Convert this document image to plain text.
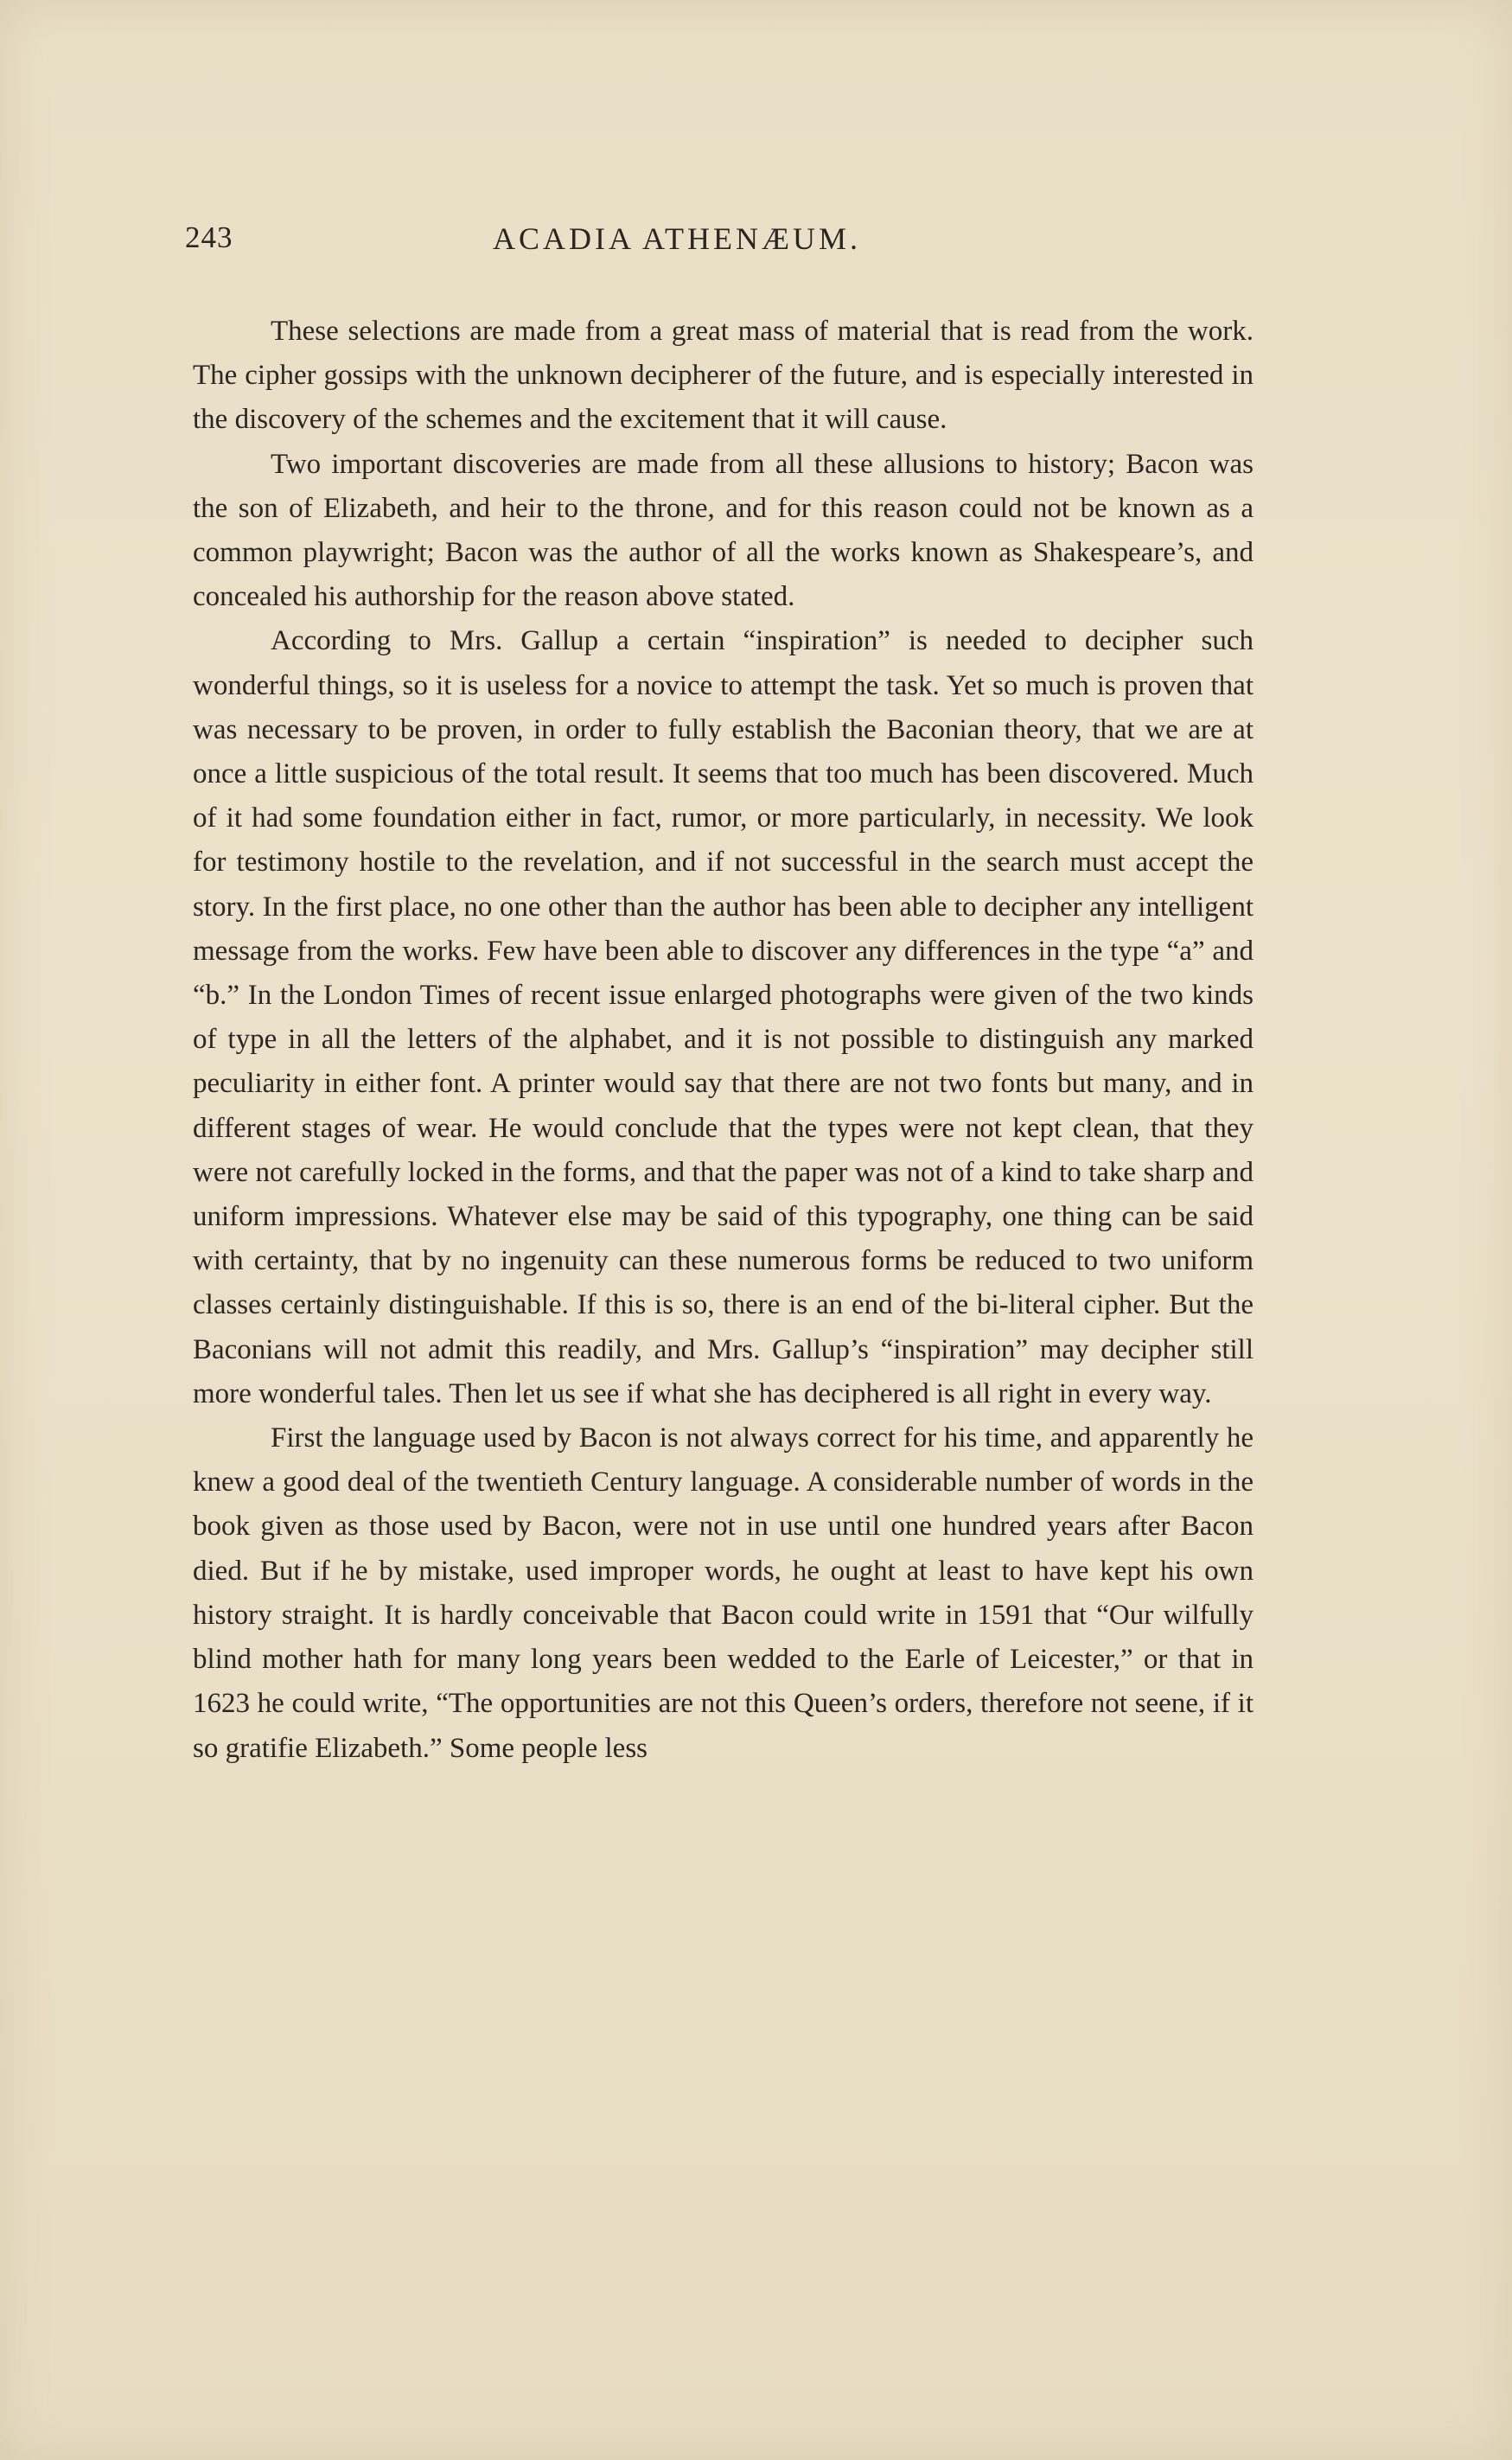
243	ACADIA ATHENÆUM.

These selections are made from a great mass of material that is read from the work. The cipher gossips with the unknown decipherer of the future, and is especially interested in the discovery of the schemes and the excitement that it will cause.

Two important discoveries are made from all these allusions to history; Bacon was the son of Elizabeth, and heir to the throne, and for this reason could not be known as a common playwright; Bacon was the author of all the works known as Shakespeare’s, and concealed his authorship for the reason above stated.

According to Mrs. Gallup a certain “inspiration” is needed to decipher such wonderful things, so it is useless for a novice to attempt the task. Yet so much is proven that was necessary to be proven, in order to fully establish the Baconian theory, that we are at once a little suspicious of the total result. It seems that too much has been discovered. Much of it had some foundation either in fact, rumor, or more particularly, in necessity. We look for testimony hostile to the revelation, and if not successful in the search must accept the story. In the first place, no one other than the author has been able to decipher any intelligent message from the works. Few have been able to discover any differences in the type “a” and “b.” In the London Times of recent issue enlarged photographs were given of the two kinds of type in all the letters of the alphabet, and it is not possible to distinguish any marked peculiarity in either font. A printer would say that there are not two fonts but many, and in different stages of wear. He would conclude that the types were not kept clean, that they were not carefully locked in the forms, and that the paper was not of a kind to take sharp and uniform impressions. Whatever else may be said of this typography, one thing can be said with certainty, that by no ingenuity can these numerous forms be reduced to two uniform classes certainly distinguishable. If this is so, there is an end of the bi-literal cipher. But the Baconians will not admit this readily, and Mrs. Gallup’s “inspiration” may decipher still more wonderful tales. Then let us see if what she has deciphered is all right in every way.

First the language used by Bacon is not always correct for his time, and apparently he knew a good deal of the twentieth Century language. A considerable number of words in the book given as those used by Bacon, were not in use until one hundred years after Bacon died. But if he by mistake, used improper words, he ought at least to have kept his own history straight. It is hardly conceivable that Bacon could write in 1591 that “Our wilfully blind mother hath for many long years been wedded to the Earle of Leicester,” or that in 1623 he could write, “The opportunities are not this Queen’s orders, therefore not seene, if it so gratifie Elizabeth.” Some people less
